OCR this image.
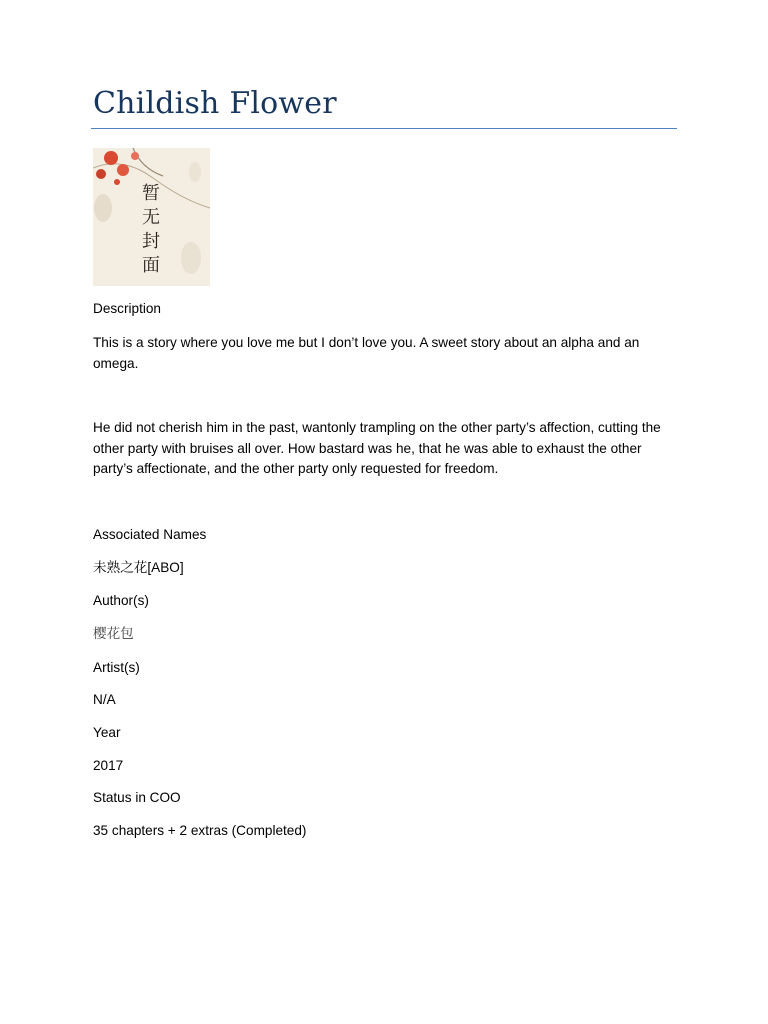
Childish Flower
暂
无
封
面

Description

This is a story where you love me but I don’t love you. A sweet story about an alpha and an omega.

He did not cherish him in the past, wantonly trampling on the other party’s affection, cutting the other party with bruises all over. How bastard was he, that he was able to exhaust the other party’s affectionate, and the other party only requested for freedom.

Associated Names

未熟之花[ABO]

Author(s)

樱花包

Artist(s)

N/A

Year

2017

Status in COO

35 chapters + 2 extras (Completed)
